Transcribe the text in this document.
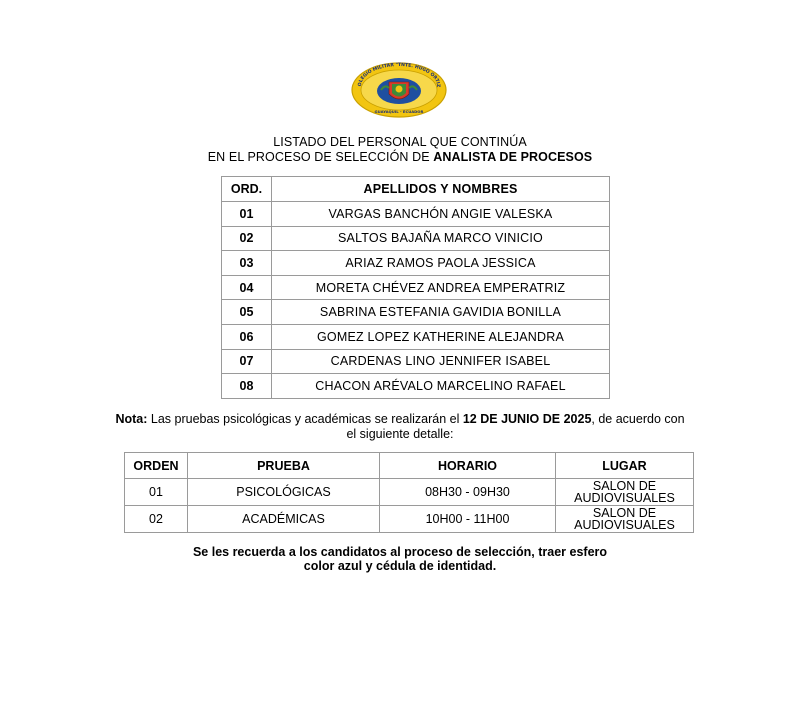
OLEGIO MILITAR "TNTE. HUGO ORTIZ
GUAYAQUIL - ECUADOR
LISTADO DEL PERSONAL QUE CONTINÚA
EN EL PROCESO DE SELECCIÓN DE ANALISTA DE PROCESOS
ORD.	APELLIDOS Y NOMBRES
01	VARGAS BANCHÓN ANGIE VALESKA
02	SALTOS BAJAÑA MARCO VINICIO
03	ARIAZ RAMOS PAOLA JESSICA
04	MORETA CHÉVEZ ANDREA EMPERATRIZ
05	SABRINA ESTEFANIA GAVIDIA BONILLA
06	GOMEZ LOPEZ KATHERINE ALEJANDRA
07	CARDENAS LINO JENNIFER ISABEL
08	CHACON ARÉVALO MARCELINO RAFAEL
Nota: Las pruebas psicológicas y académicas se realizarán el 12 DE JUNIO DE 2025, de acuerdo con el siguiente detalle:
ORDEN	PRUEBA	HORARIO	LUGAR
01	PSICOLÓGICAS	08H30 - 09H30	SALON DE
AUDIOVISUALES

02	ACADÉMICAS	10H00 - 11H00	SALON DE
AUDIOVISUALES
Se les recuerda a los candidatos al proceso de selección, traer esfero
color azul y cédula de identidad.
